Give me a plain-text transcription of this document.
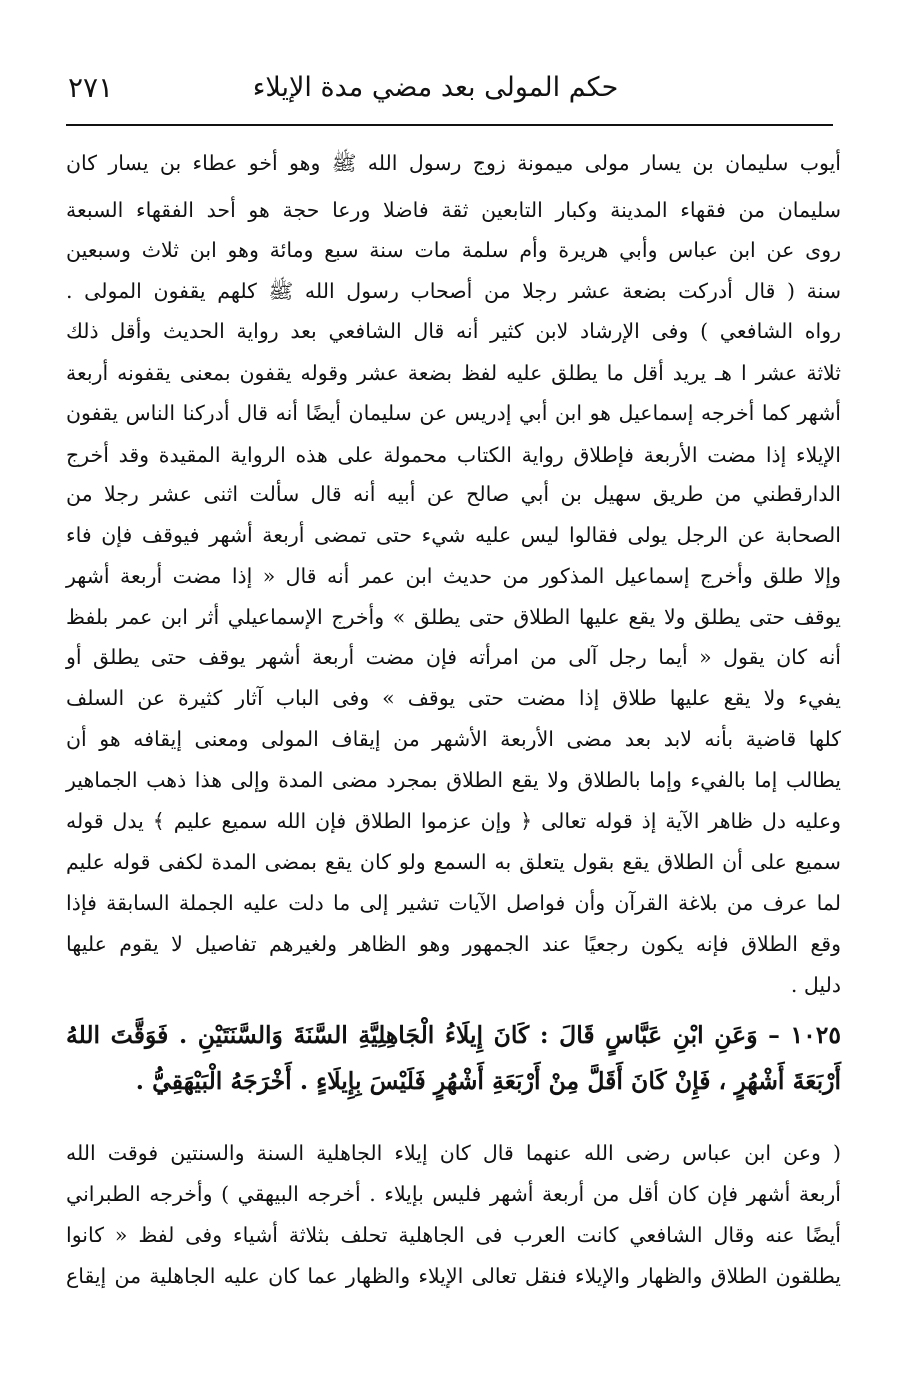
حكم المولى بعد مضي مدة الإيلاء
٢٧١
أيوب سليمان بن يسار مولى ميمونة زوج رسول الله ﷺ وهو أخو عطاء بن يسار كان
سليمان من فقهاء المدينة وكبار التابعين ثقة فاضلا ورعا حجة هو أحد الفقهاء السبعة
روى عن ابن عباس وأبي هريرة وأم سلمة مات سنة سبع ومائة وهو ابن ثلاث وسبعين
سنة ( قال أدركت بضعة عشر رجلا من أصحاب رسول الله ﷺ كلهم يقفون المولى .
رواه الشافعي ) وفى الإرشاد لابن كثير أنه قال الشافعي بعد رواية الحديث وأقل ذلك
ثلاثة عشر ا هـ يريد أقل ما يطلق عليه لفظ بضعة عشر وقوله يقفون بمعنى يقفونه أربعة
أشهر كما أخرجه إسماعيل هو ابن أبي إدريس عن سليمان أيضًا أنه قال أدركنا الناس يقفون
الإيلاء إذا مضت الأربعة فإطلاق رواية الكتاب محمولة على هذه الرواية المقيدة وقد أخرج
الدارقطني من طريق سهيل بن أبي صالح عن أبيه أنه قال سألت اثنى عشر رجلا من
الصحابة عن الرجل يولى فقالوا ليس عليه شيء حتى تمضى أربعة أشهر فيوقف فإن فاء
وإلا طلق وأخرج إسماعيل المذكور من حديث ابن عمر أنه قال « إذا مضت أربعة أشهر
يوقف حتى يطلق ولا يقع عليها الطلاق حتى يطلق » وأخرج الإسماعيلي أثر ابن عمر بلفظ
أنه كان يقول « أيما رجل آلى من امرأته فإن مضت أربعة أشهر يوقف حتى يطلق أو
يفيء ولا يقع عليها طلاق إذا مضت حتى يوقف » وفى الباب آثار كثيرة عن السلف
كلها قاضية بأنه لابد بعد مضى الأربعة الأشهر من إيقاف المولى ومعنى إيقافه هو أن
يطالب إما بالفيء وإما بالطلاق ولا يقع الطلاق بمجرد مضى المدة وإلى هذا ذهب الجماهير
وعليه دل ظاهر الآية إذ قوله تعالى ﴿ وإن عزموا الطلاق فإن الله سميع عليم ﴾ يدل قوله
سميع على أن الطلاق يقع بقول يتعلق به السمع ولو كان يقع بمضى المدة لكفى قوله عليم
لما عرف من بلاغة القرآن وأن فواصل الآيات تشير إلى ما دلت عليه الجملة السابقة فإذا
وقع الطلاق فإنه يكون رجعيًا عند الجمهور وهو الظاهر ولغيرهم تفاصيل لا يقوم عليها
دليل .
١٠٢٥ – وَعَنِ ابْنِ عَبَّاسٍ قَالَ : كَانَ إِيلَاءُ الْجَاهِلِيَّةِ السَّنَةَ وَالسَّنَتَيْنِ . فَوَقَّتَ اللهُ
أَرْبَعَةَ أَشْهُرٍ ، فَإِنْ كَانَ أَقَلَّ مِنْ أَرْبَعَةِ أَشْهُرٍ فَلَيْسَ بِإِيلَاءٍ . أَخْرَجَهُ الْبَيْهَقِيُّ .
( وعن ابن عباس رضى الله عنهما قال كان إيلاء الجاهلية السنة والسنتين فوقت الله
أربعة أشهر فإن كان أقل من أربعة أشهر فليس بإيلاء . أخرجه البيهقي ) وأخرجه الطبراني
أيضًا عنه وقال الشافعي كانت العرب فى الجاهلية تحلف بثلاثة أشياء وفى لفظ « كانوا
يطلقون الطلاق والظهار والإيلاء فنقل تعالى الإيلاء والظهار عما كان عليه الجاهلية من إيقاع
